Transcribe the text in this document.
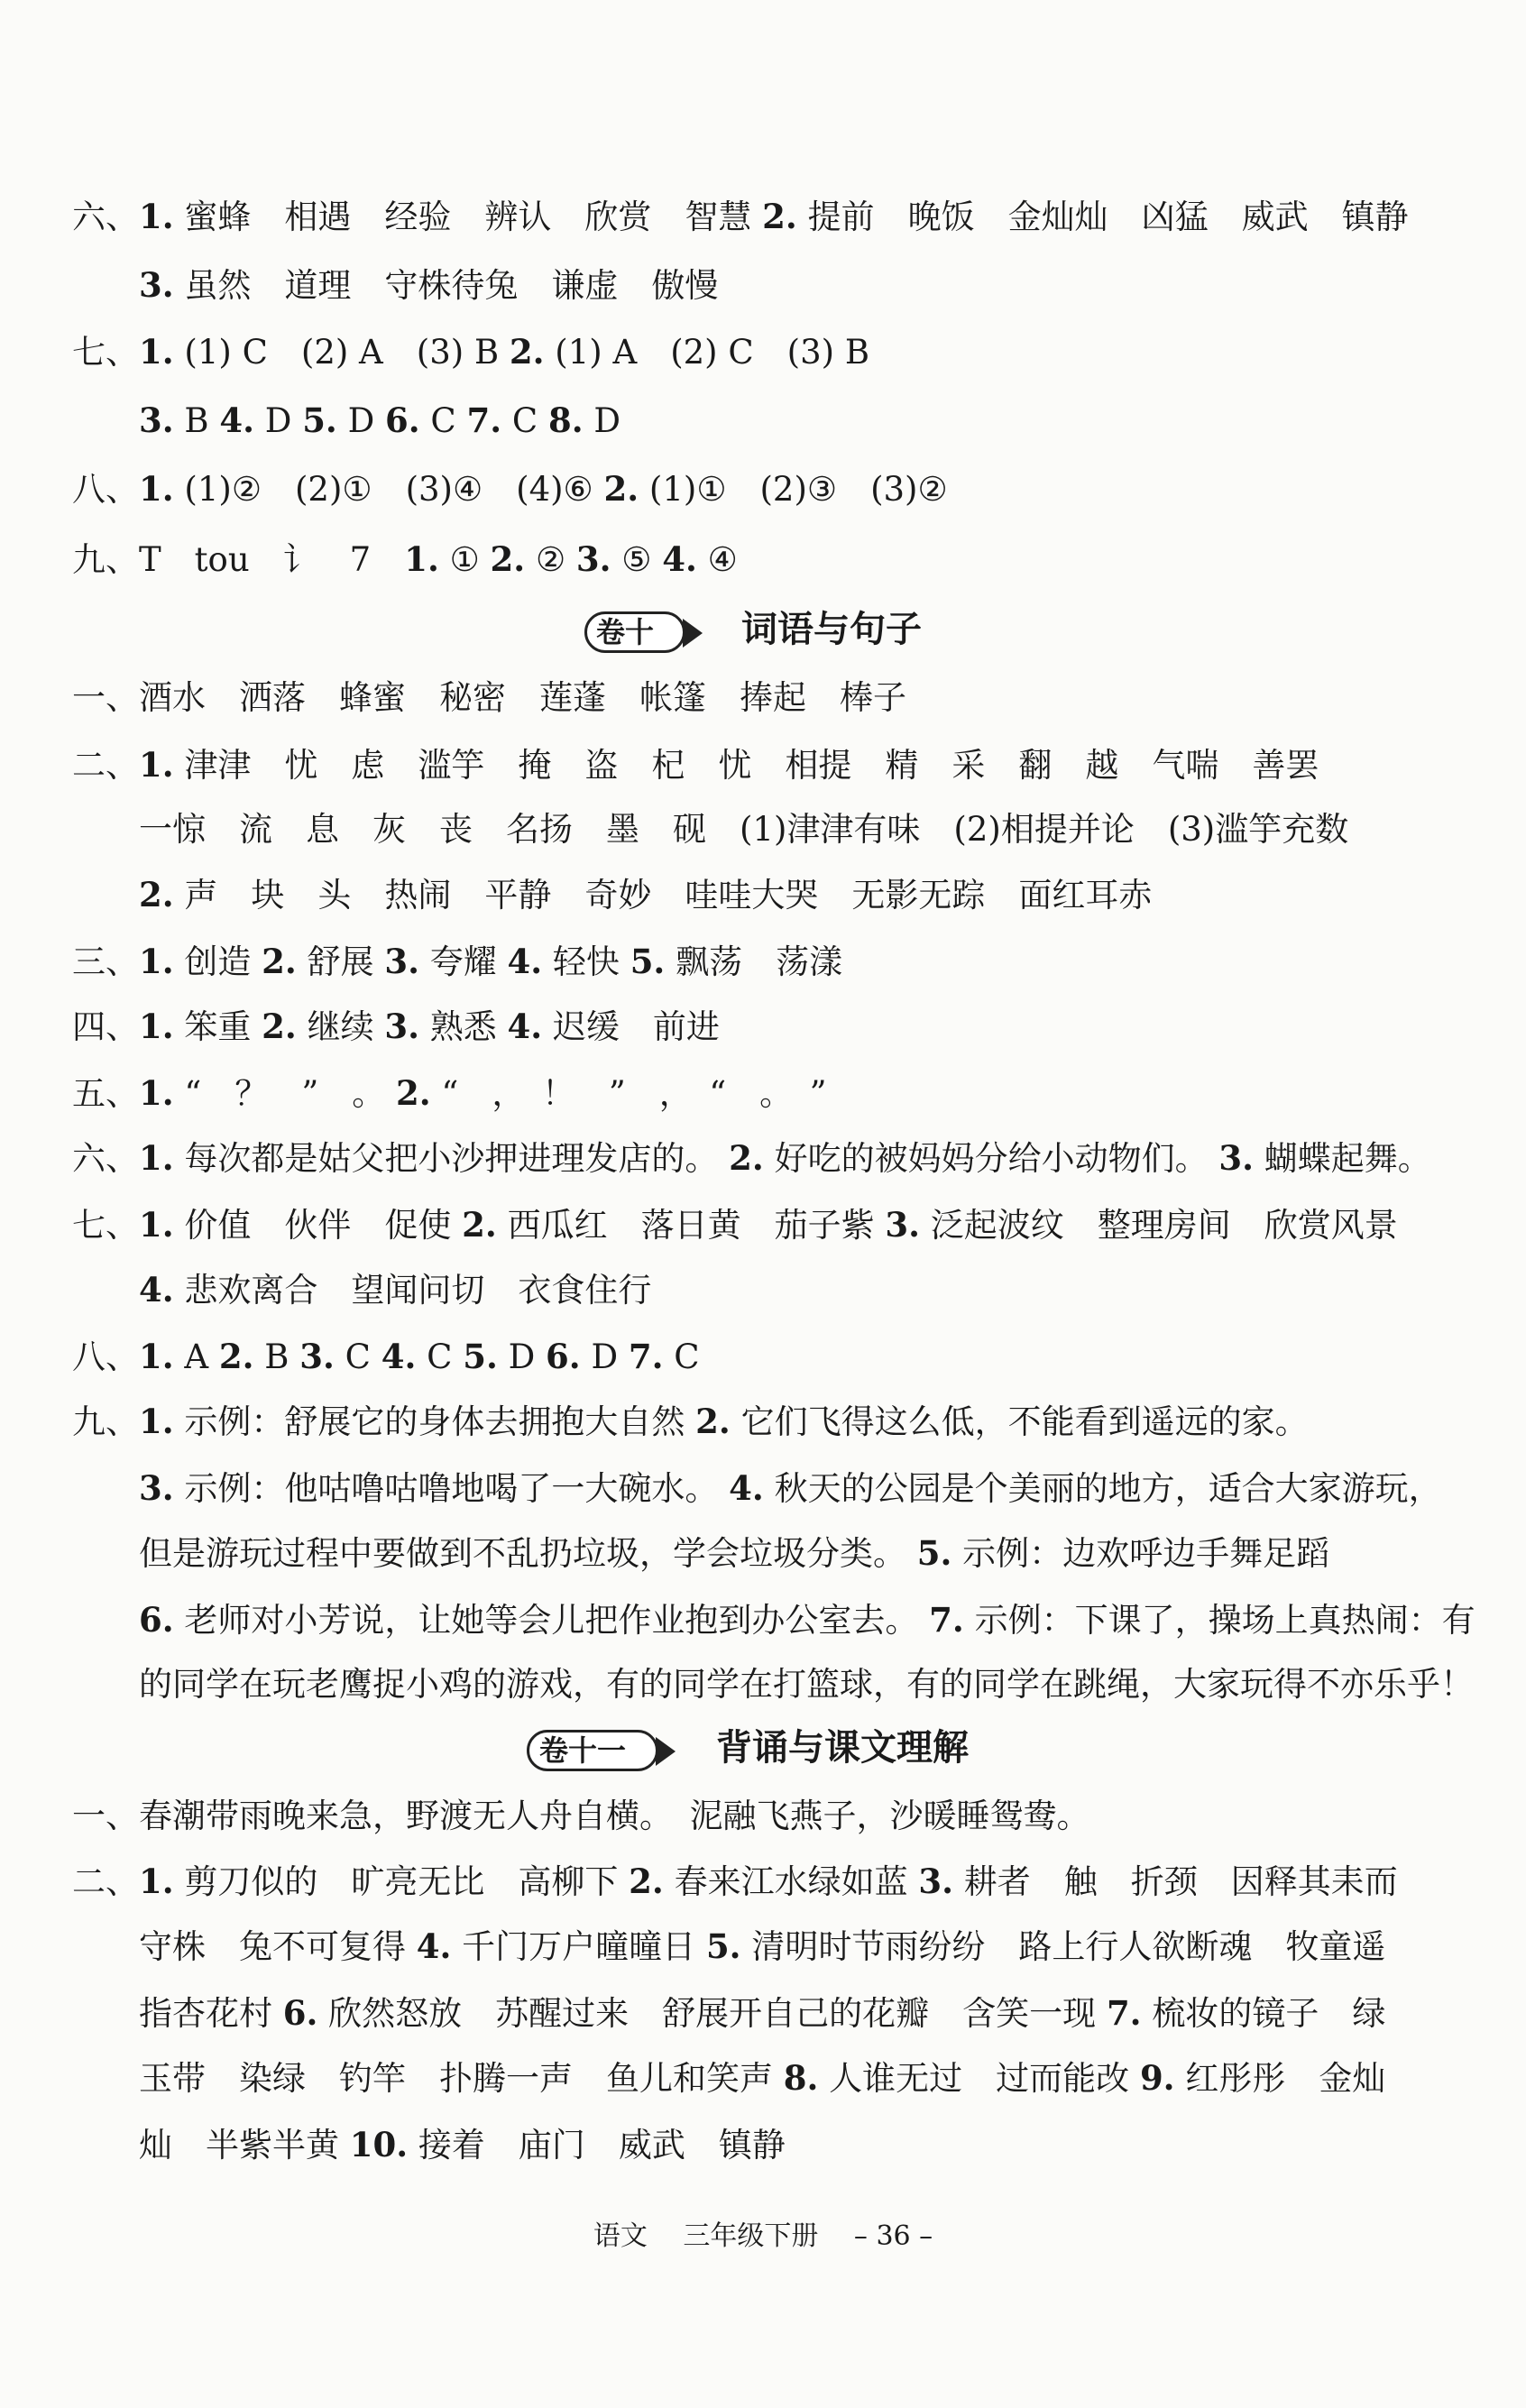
六、1. 蜜蜂　相遇　经验　辨认　欣赏　智慧 2. 提前　晚饭　金灿灿　凶猛　威武　镇静
　　3. 虽然　道理　守株待兔　谦虚　傲慢
七、1. (1) C　(2) A　(3) B 2. (1) A　(2) C　(3) B
　　3. B 4. D 5. D 6. C 7. C 8. D
八、1. (1)②　(2)①　(3)④　(4)⑥ 2. (1)①　(2)③　(3)②
九、T　tou　讠　7　1. ① 2. ② 3. ⑤ 4. ④
卷十	词语与句子
一、酒水　洒落　蜂蜜　秘密　莲蓬　帐篷　捧起　棒子
二、1. 津津　忧　虑　滥竽　掩　盗　杞　忧　相提　精　采　翻　越　气喘　善罢
　　一惊　流　息　灰　丧　名扬　墨　砚　(1)津津有味　(2)相提并论　(3)滥竽充数
　　2. 声　块　头　热闹　平静　奇妙　哇哇大哭　无影无踪　面红耳赤
三、1. 创造 2. 舒展 3. 夸耀 4. 轻快 5. 飘荡　荡漾
四、1. 笨重 2. 继续 3. 熟悉 4. 迟缓　前进
五、1. “　？　”　。 2. “　，　！　”　，　“　。　”
六、1. 每次都是姑父把小沙押进理发店的。 2. 好吃的被妈妈分给小动物们。 3. 蝴蝶起舞。
七、1. 价值　伙伴　促使 2. 西瓜红　落日黄　茄子紫 3. 泛起波纹　整理房间　欣赏风景
　　4. 悲欢离合　望闻问切　衣食住行
八、1. A 2. B 3. C 4. C 5. D 6. D 7. C
九、1. 示例：舒展它的身体去拥抱大自然 2. 它们飞得这么低，不能看到遥远的家。
　　3. 示例：他咕噜咕噜地喝了一大碗水。 4. 秋天的公园是个美丽的地方，适合大家游玩，
　　但是游玩过程中要做到不乱扔垃圾，学会垃圾分类。 5. 示例：边欢呼边手舞足蹈
　　6. 老师对小芳说，让她等会儿把作业抱到办公室去。 7. 示例：下课了，操场上真热闹：有
　　的同学在玩老鹰捉小鸡的游戏，有的同学在打篮球，有的同学在跳绳，大家玩得不亦乐乎！
卷十一	背诵与课文理解
一、春潮带雨晚来急，野渡无人舟自横。　泥融飞燕子，沙暖睡鸳鸯。
二、1. 剪刀似的　旷亮无比　高柳下 2. 春来江水绿如蓝 3. 耕者　触　折颈　因释其耒而
　　守株　兔不可复得 4. 千门万户曈曈日 5. 清明时节雨纷纷　路上行人欲断魂　牧童遥
　　指杏花村 6. 欣然怒放　苏醒过来　舒展开自己的花瓣　含笑一现 7. 梳妆的镜子　绿
　　玉带　染绿　钓竿　扑腾一声　鱼儿和笑声 8. 人谁无过　过而能改 9. 红彤彤　金灿
　　灿　半紫半黄 10. 接着　庙门　威武　镇静
语文　 三年级下册　 – 36 –
